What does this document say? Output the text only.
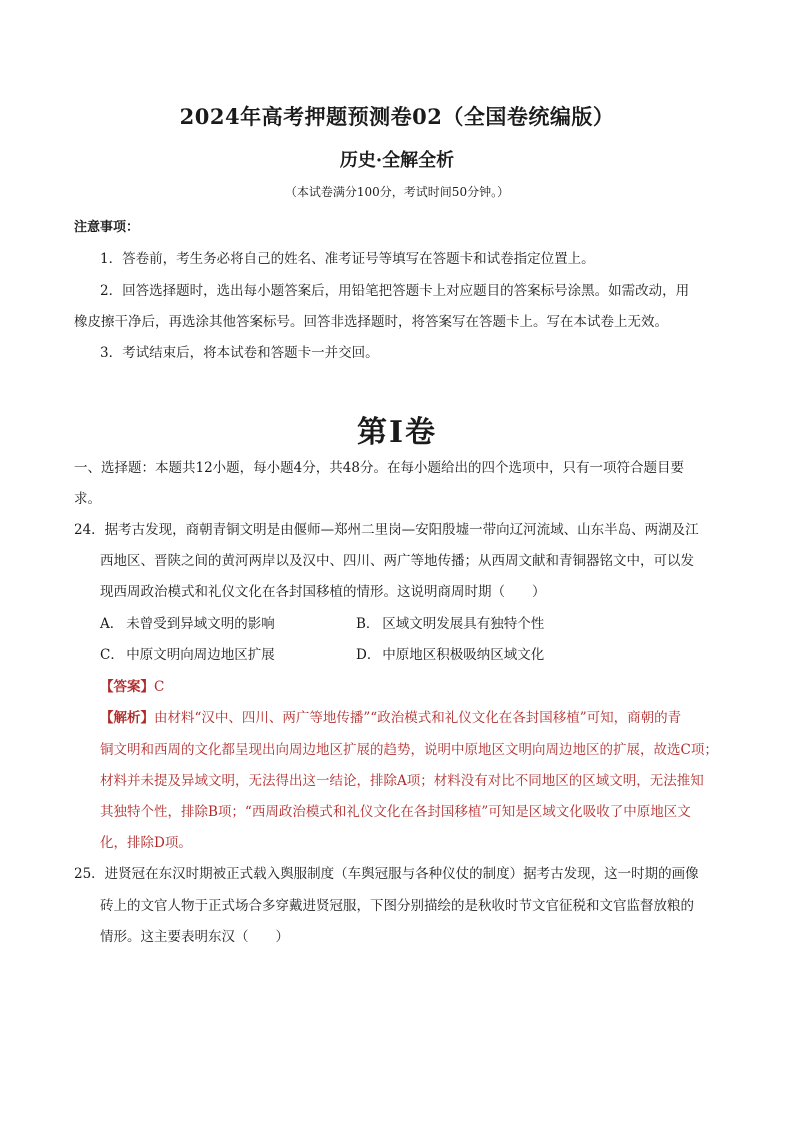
2024年高考押题预测卷02（全国卷统编版）
历史·全解全析
（本试卷满分100分，考试时间50分钟。）
注意事项：
1．答卷前，考生务必将自己的姓名、准考证号等填写在答题卡和试卷指定位置上。
2．回答选择题时，选出每小题答案后，用铅笔把答题卡上对应题目的答案标号涂黑。如需改动，用
橡皮擦干净后，再选涂其他答案标号。回答非选择题时，将答案写在答题卡上。写在本试卷上无效。
3．考试结束后，将本试卷和答题卡一并交回。
第Ⅰ卷
一、选择题：本题共12小题，每小题4分，共48分。在每小题给出的四个选项中，只有一项符合题目要
求。
24．据考古发现，商朝青铜文明是由偃师—郑州二里岗—安阳殷墟一带向辽河流域、山东半岛、两湖及江
西地区、晋陕之间的黄河两岸以及汉中、四川、两广等地传播；从西周文献和青铜器铭文中，可以发
现西周政治模式和礼仪文化在各封国移植的情形。这说明商周时期（　　）
A． 未曾受到异域文明的影响	B． 区域文明发展具有独特个性
C． 中原文明向周边地区扩展	D． 中原地区积极吸纳区域文化
【答案】C
【解析】由材料“汉中、四川、两广等地传播”“政治模式和礼仪文化在各封国移植”可知，商朝的青
铜文明和西周的文化都呈现出向周边地区扩展的趋势，说明中原地区文明向周边地区的扩展，故选C项；
材料并未提及异域文明，无法得出这一结论，排除A项；材料没有对比不同地区的区域文明，无法推知
其独特个性，排除B项；“西周政治模式和礼仪文化在各封国移植”可知是区域文化吸收了中原地区文
化，排除D项。
25．进贤冠在东汉时期被正式载入舆服制度（车舆冠服与各种仪仗的制度）据考古发现，这一时期的画像
砖上的文官人物于正式场合多穿戴进贤冠服，下图分别描绘的是秋收时节文官征税和文官监督放粮的
情形。这主要表明东汉（　　）
